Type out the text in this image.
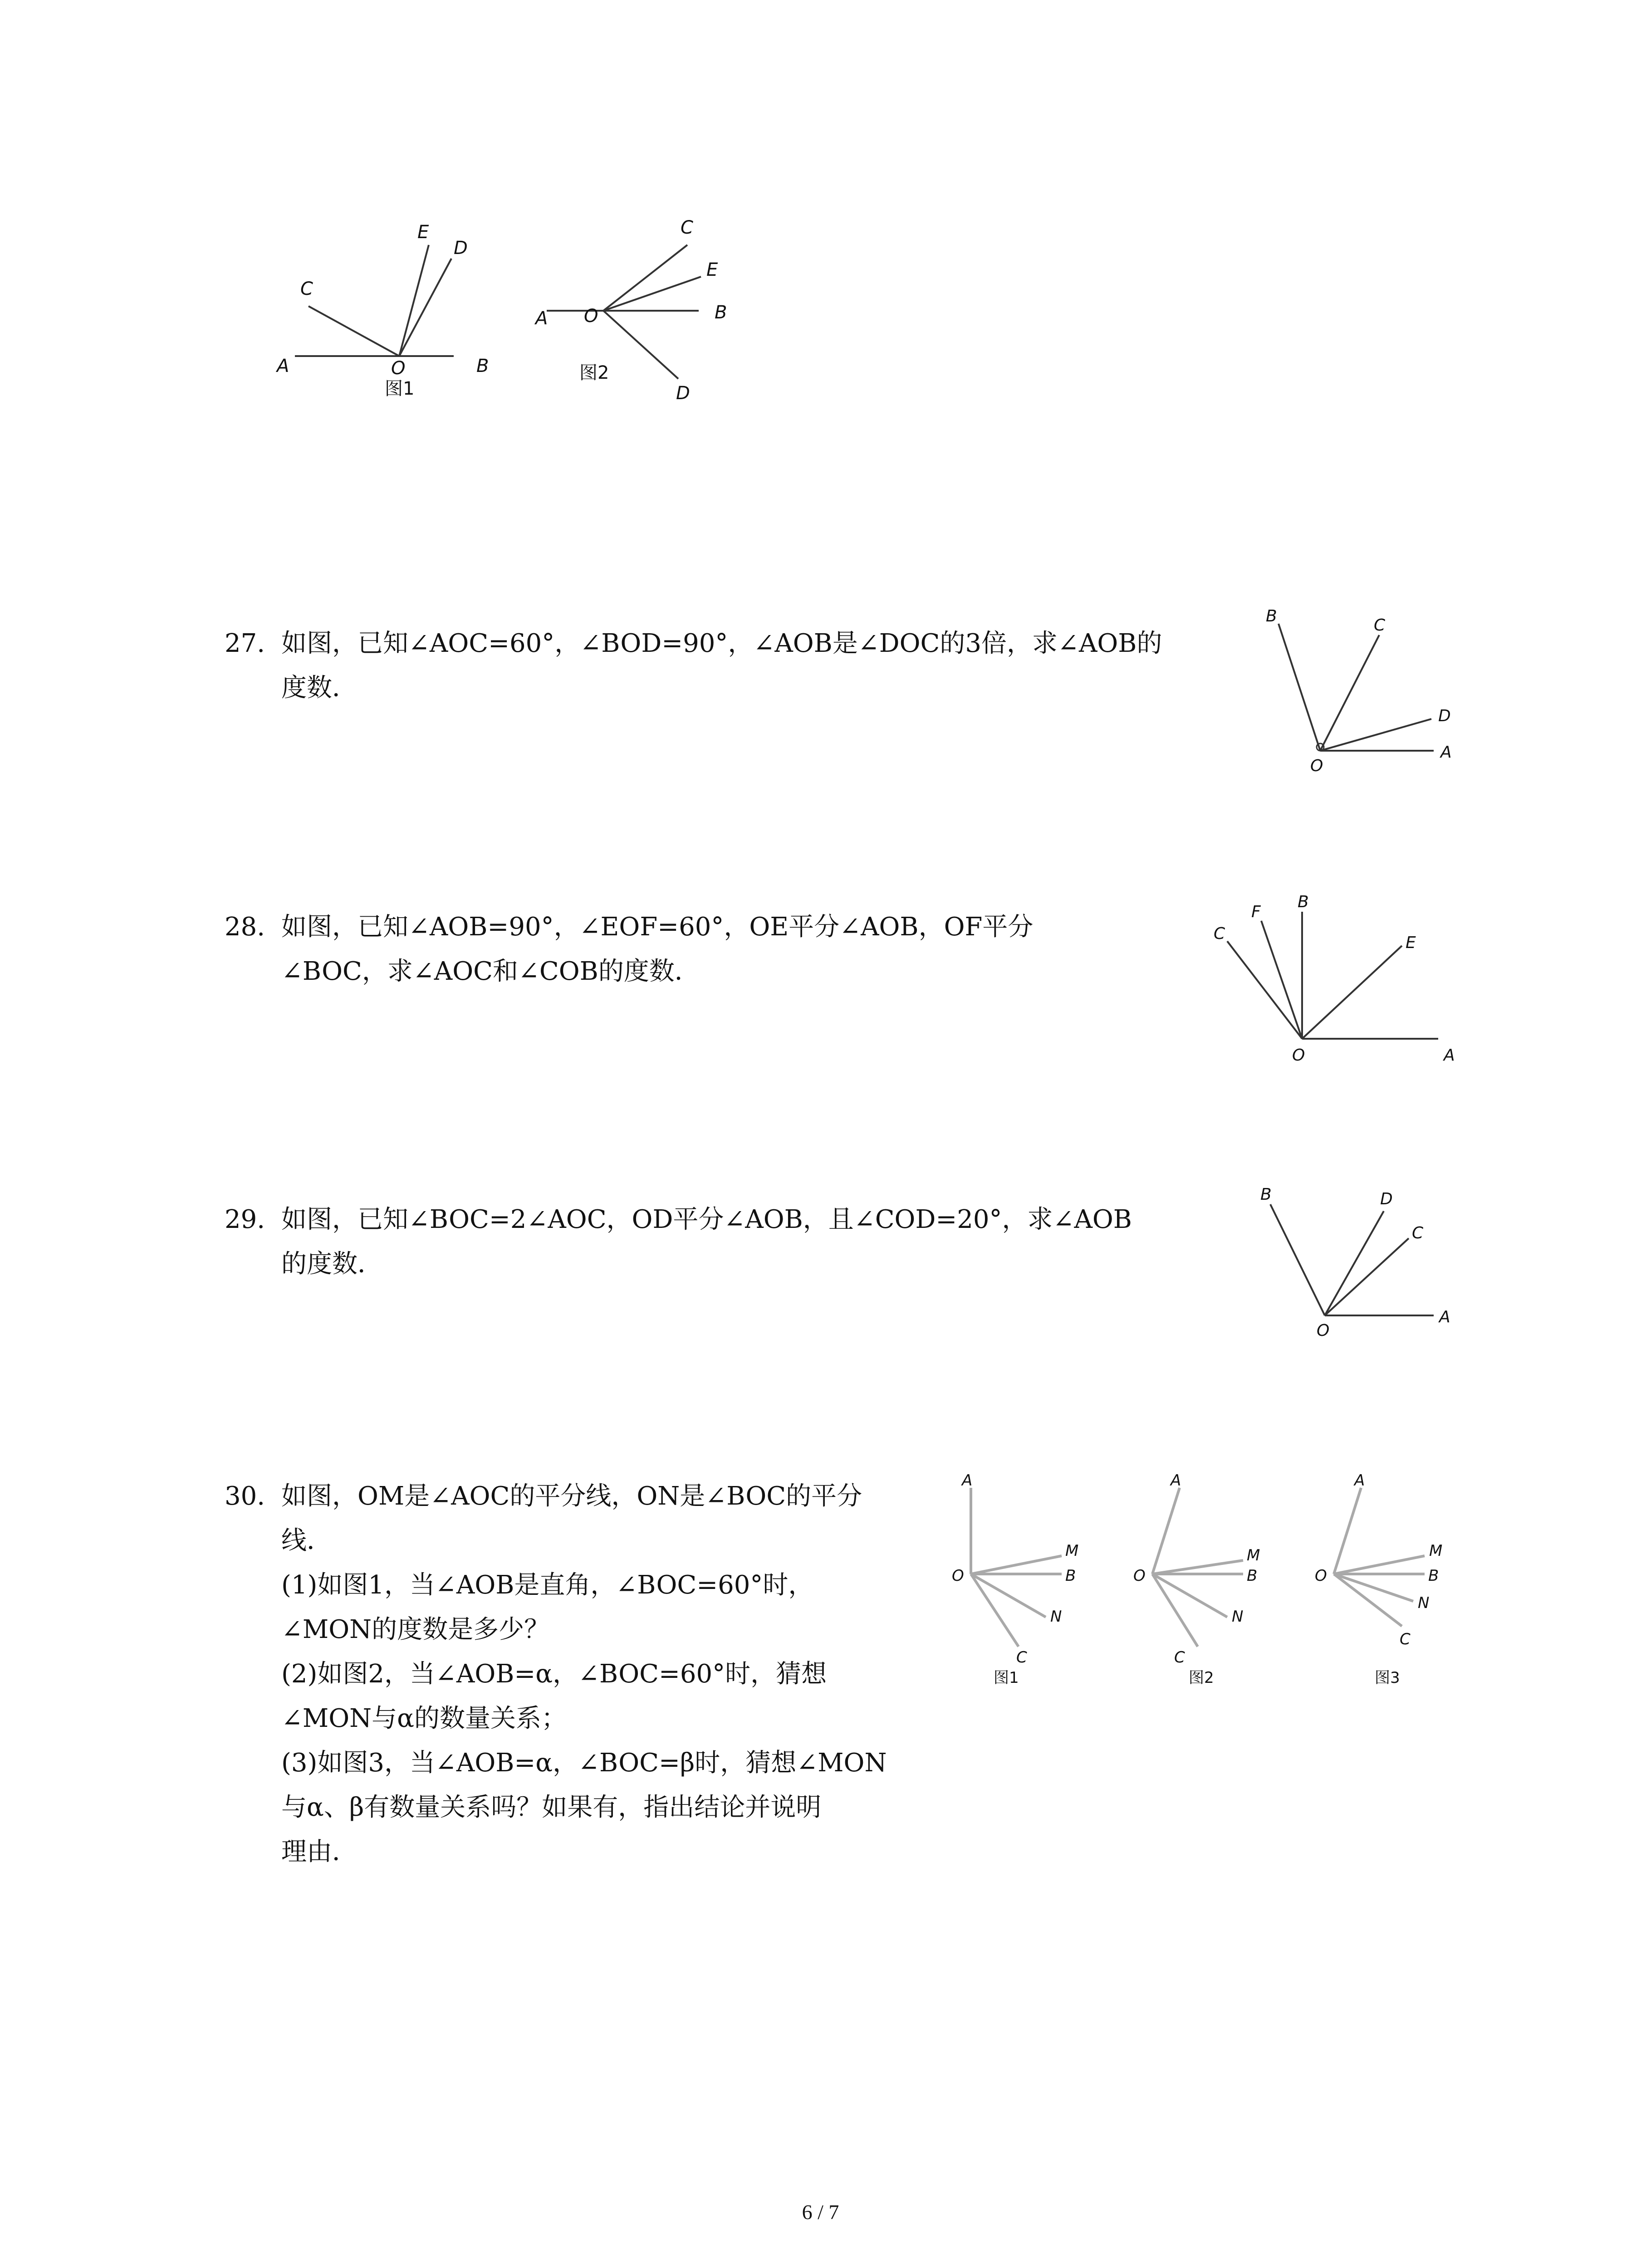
C
E
D
A	O	B
图1
C
E
A O	B
D
图2
27. 如图，已知∠AOC=60°，∠BOD=90°，∠AOB是∠DOC的3倍，求∠AOB的
度数．
B	C
D
O
A
28. 如图，已知∠AOB=90°，∠EOF=60°，OE平分∠AOB，OF平分
∠BOC，求∠AOC和∠COB的度数．
C
F
B
E
O	A
29. 如图，已知∠BOC=2∠AOC，OD平分∠AOB，且∠COD=20°，求∠AOB
的度数．
B	D
C
O
A
30. 如图，OM是∠AOC的平分线，ON是∠BOC的平分
线．
(1)如图1，当∠AOB是直角，∠BOC=60°时，
∠MON的度数是多少？
(2)如图2，当∠AOB=α，∠BOC=60°时，猜想
∠MON与α的数量关系；
(3)如图3，当∠AOB=α，∠BOC=β时，猜想∠MON
与α、β有数量关系吗？如果有，指出结论并说明
理由．
A
M
O	B
N
C
图1
A
M
O	B
N
C
图2
A
M
O	B
N
C
图3
6 / 7
